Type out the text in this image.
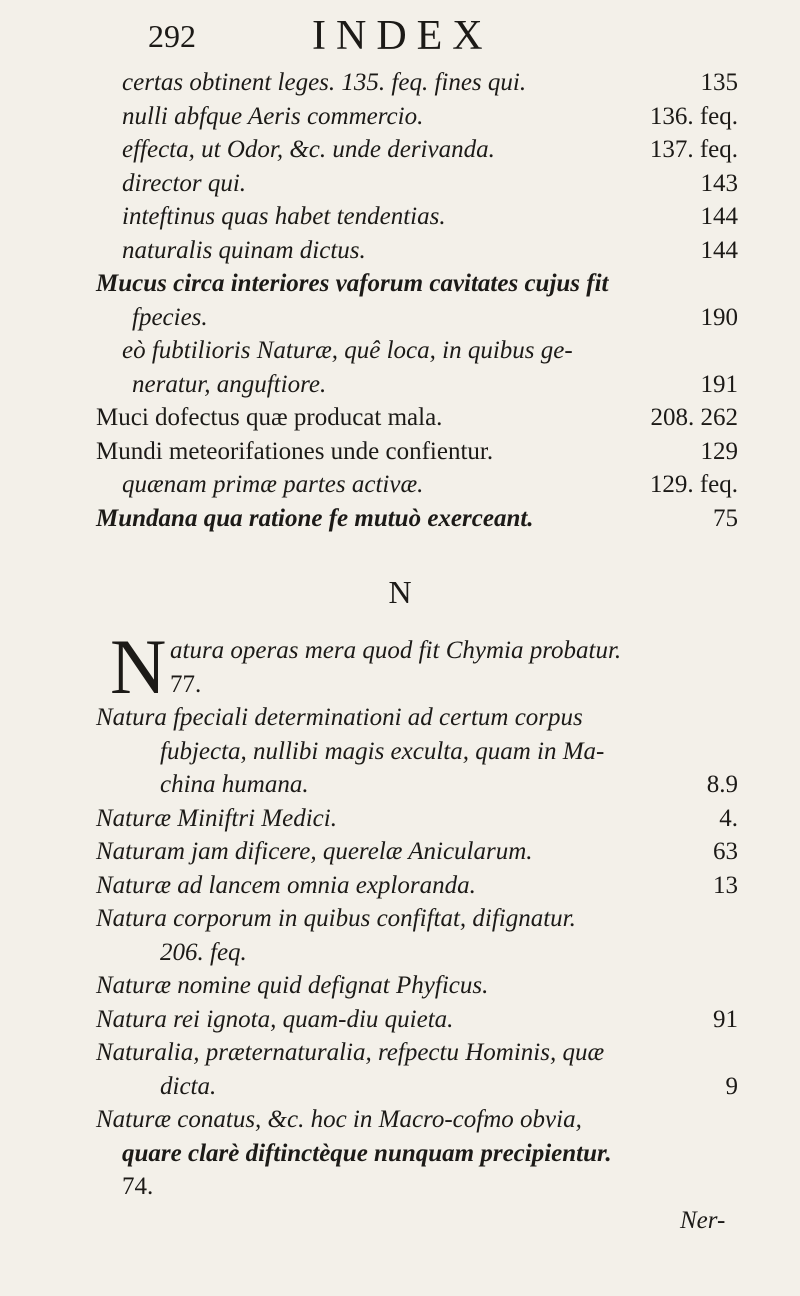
292	INDEX
certas obtinent leges. 135. feq. fines qui.	135
nulli abfque Aeris commercio.	136. feq.
effecta, ut Odor, &c. unde derivanda.	137. feq.
director qui.	143
inteftinus quas habet tendentias.	144
naturalis quinam dictus.	144
Mucus circa interiores vaforum cavitates cujus fit
fpecies.	190
eò fubtilioris Naturæ, quê loca, in quibus ge-
neratur, anguftiore.	191
Muci dofectus quæ producat mala.	208. 262
Mundi meteorifationes unde confientur.	129
quænam primæ partes activæ.	129. feq.
Mundana qua ratione fe mutuò exerceant.	75
N
N atura operas mera quod fit Chymia probatur.
77.
Natura fpeciali determinationi ad certum corpus
fubjecta, nullibi magis exculta, quam in Ma-
china humana.	8.9
Naturæ Miniftri Medici.	4.
Naturam jam dificere, querelæ Anicularum.	63
Naturæ ad lancem omnia exploranda.	13
Natura corporum in quibus confiftat, difignatur.
206. feq.
Naturæ nomine quid defignat Phyficus.
Natura rei ignota, quam-diu quieta.	91
Naturalia, præternaturalia, refpectu Hominis, quæ
dicta.	9
Naturæ conatus, &c. hoc in Macro-cofmo obvia,
quare clarè diftinctèque nunquam precipientur.
74.
Ner-
